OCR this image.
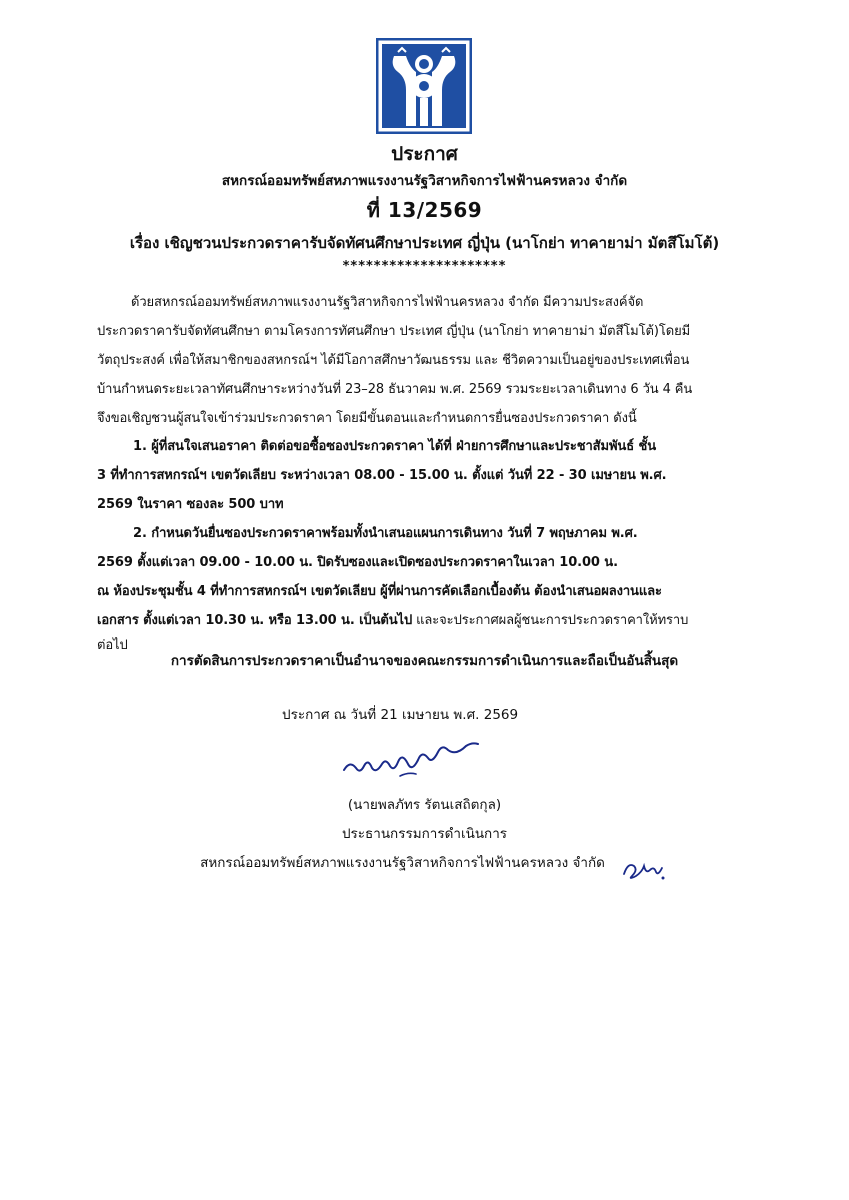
ประกาศ
สหกรณ์ออมทรัพย์สหภาพแรงงานรัฐวิสาหกิจการไฟฟ้านครหลวง จำกัด
ที่ 13/2569
เรื่อง เชิญชวนประกวดราคารับจัดทัศนศึกษาประเทศ ญี่ปุ่น (นาโกย่า ทาคายาม่า มัตสึโมโต้)
*********************
ด้วยสหกรณ์ออมทรัพย์สหภาพแรงงานรัฐวิสาหกิจการไฟฟ้านครหลวง จำกัด มีความประสงค์จัด
ประกวดราคารับจัดทัศนศึกษา ตามโครงการทัศนศึกษา ประเทศ ญี่ปุ่น (นาโกย่า ทาคายาม่า มัตสึโมโต้)โดยมี
วัตถุประสงค์ เพื่อให้สมาชิกของสหกรณ์ฯ ได้มีโอกาสศึกษาวัฒนธรรม และ ชีวิตความเป็นอยู่ของประเทศเพื่อน
บ้านกำหนดระยะเวลาทัศนศึกษาระหว่างวันที่ 23–28 ธันวาคม พ.ศ. 2569 รวมระยะเวลาเดินทาง 6 วัน 4 คืน
จึงขอเชิญชวนผู้สนใจเข้าร่วมประกวดราคา โดยมีขั้นตอนและกำหนดการยื่นซองประกวดราคา ดังนี้
1. ผู้ที่สนใจเสนอราคา ติดต่อขอซื้อซองประกวดราคา ได้ที่ ฝ่ายการศึกษาและประชาสัมพันธ์ ชั้น
3 ที่ทำการสหกรณ์ฯ เขตวัดเลียบ ระหว่างเวลา 08.00 - 15.00 น. ตั้งแต่ วันที่ 22 - 30 เมษายน พ.ศ.
2569 ในราคา ซองละ 500 บาท
2. กำหนดวันยื่นซองประกวดราคาพร้อมทั้งนำเสนอแผนการเดินทาง วันที่ 7 พฤษภาคม พ.ศ.
2569 ตั้งแต่เวลา 09.00 - 10.00 น. ปิดรับซองและเปิดซองประกวดราคาในเวลา 10.00 น.
ณ ห้องประชุมชั้น 4 ที่ทำการสหกรณ์ฯ เขตวัดเลียบ ผู้ที่ผ่านการคัดเลือกเบื้องต้น ต้องนำเสนอผลงานและ
เอกสาร ตั้งแต่เวลา 10.30 น. หรือ 13.00 น. เป็นต้นไป และจะประกาศผลผู้ชนะการประกวดราคาให้ทราบ
ต่อไป
การตัดสินการประกวดราคาเป็นอำนาจของคณะกรรมการดำเนินการและถือเป็นอันสิ้นสุด
ประกาศ ณ วันที่ 21 เมษายน พ.ศ. 2569
(นายพลภัทร รัตนเสถิตกุล)
ประธานกรรมการดำเนินการ
สหกรณ์ออมทรัพย์สหภาพแรงงานรัฐวิสาหกิจการไฟฟ้านครหลวง จำกัด
